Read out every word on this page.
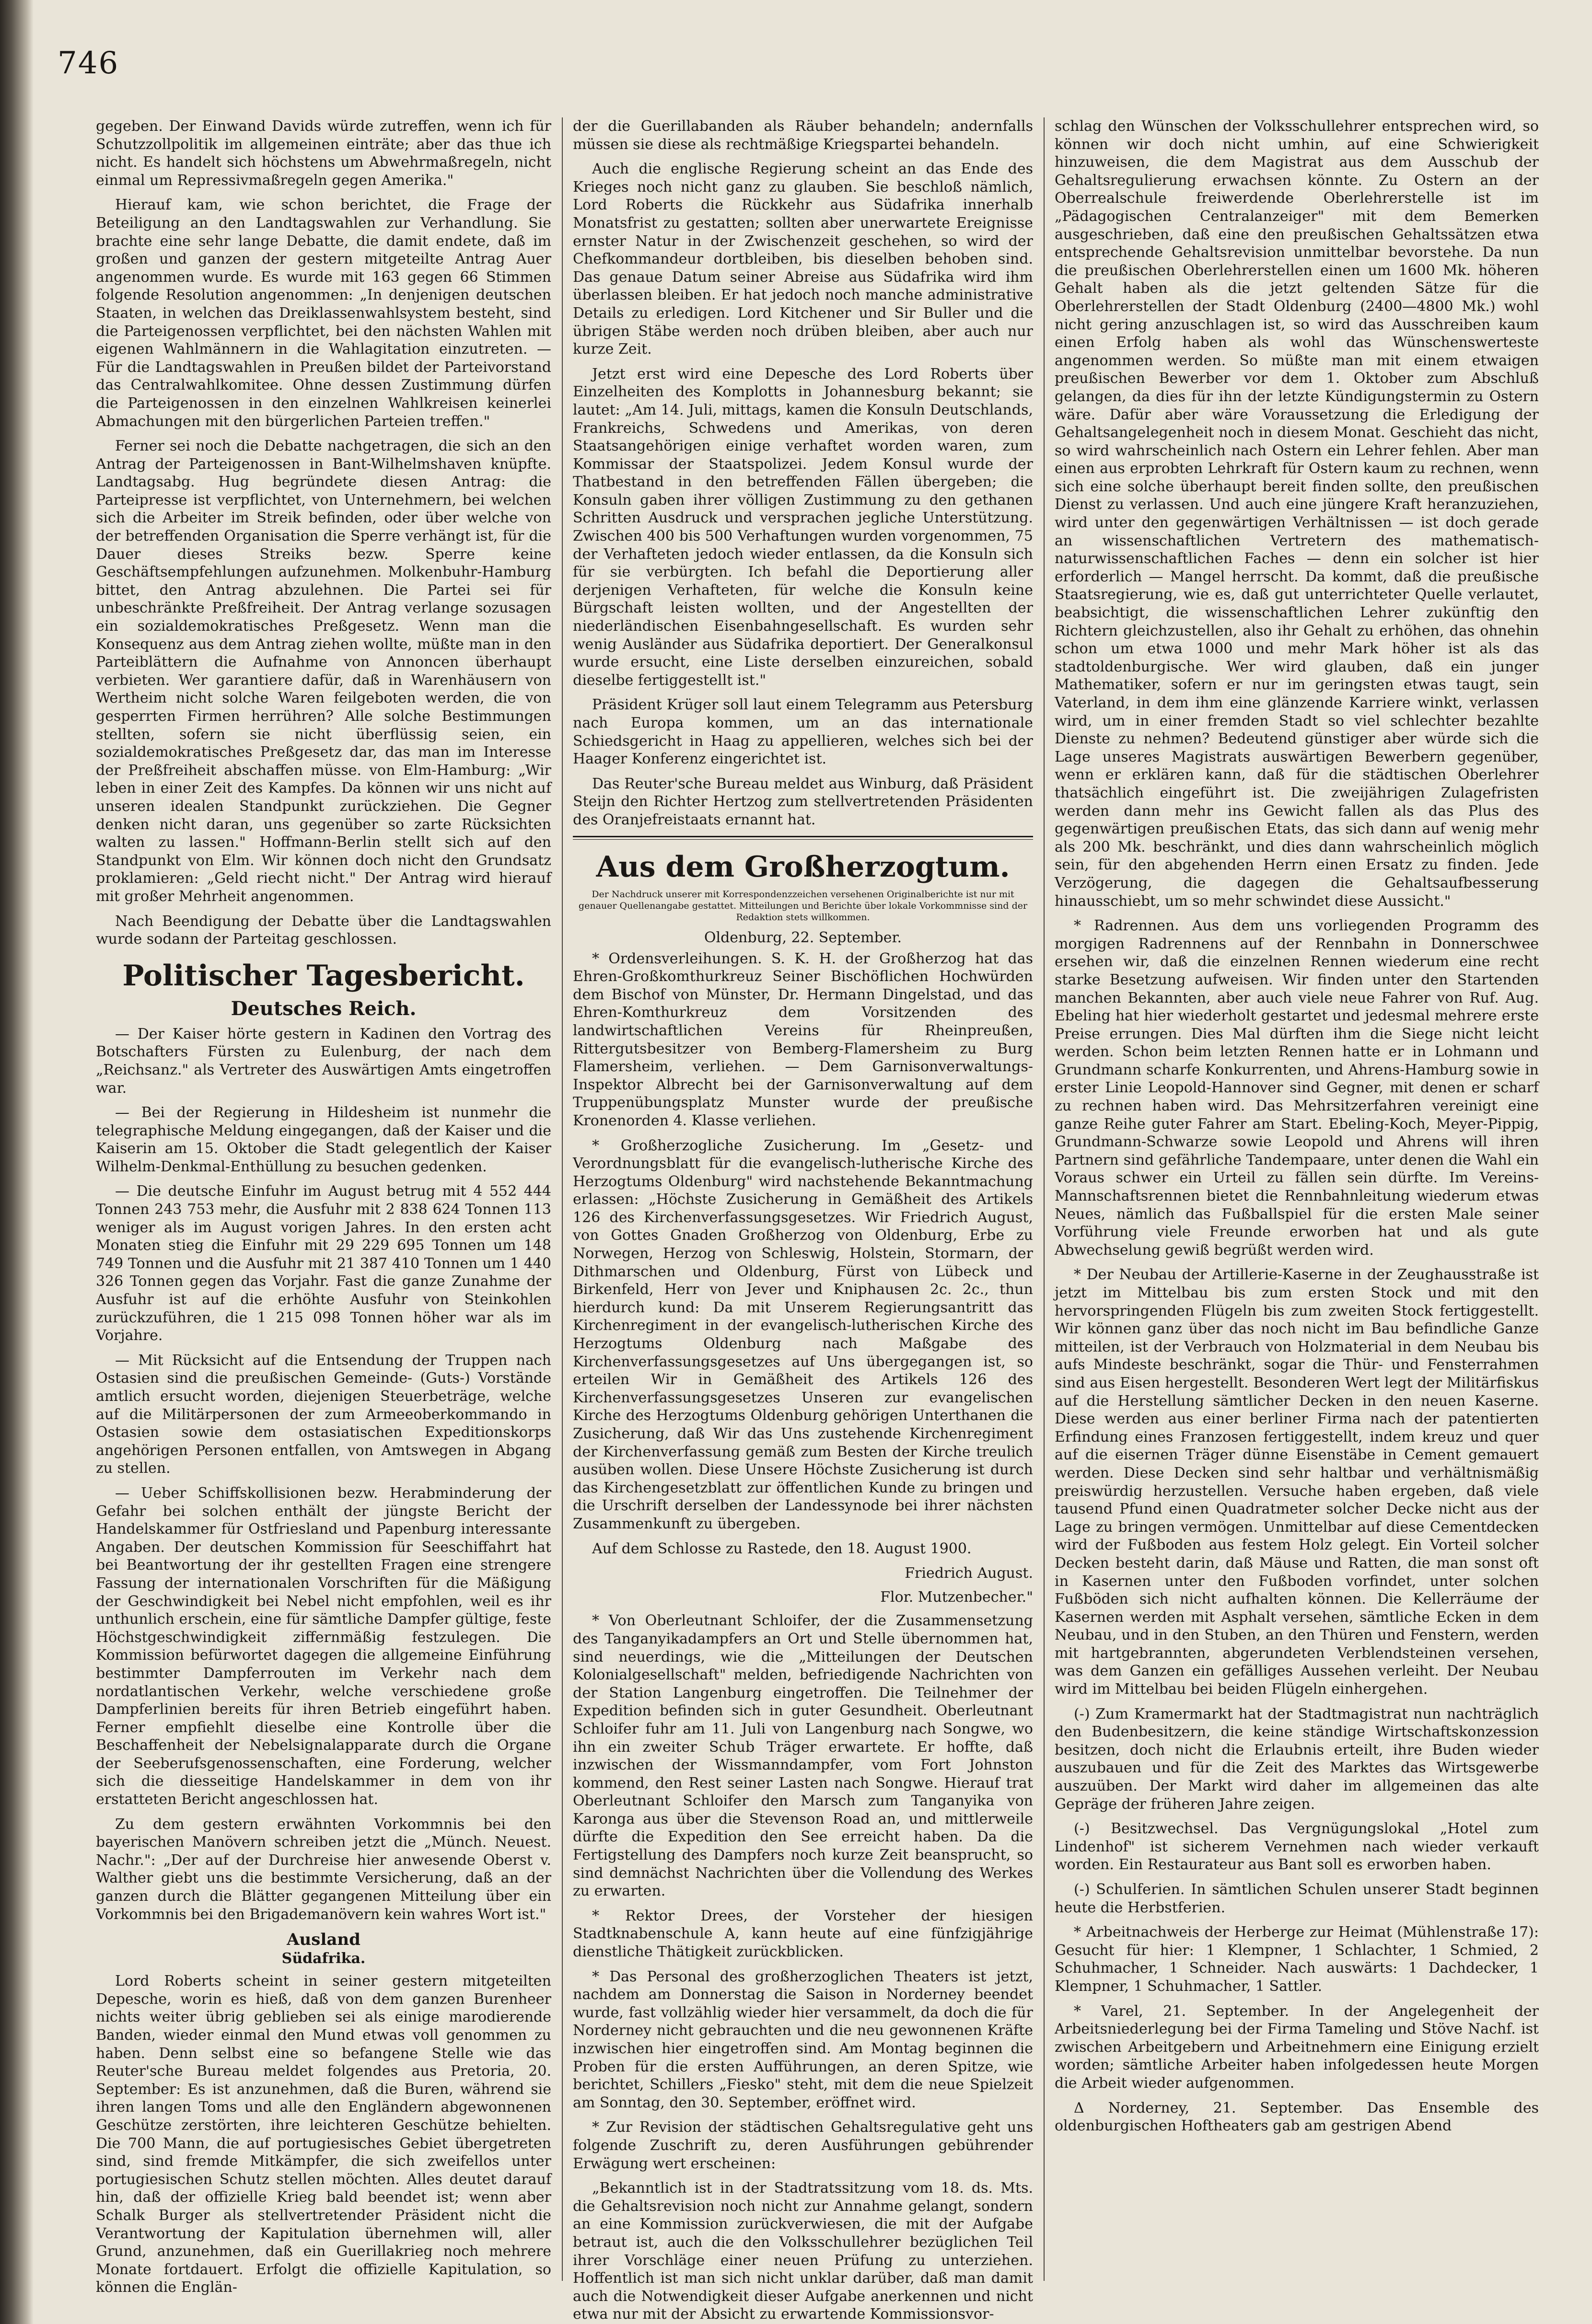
746

gegeben. Der Einwand Davids würde zutreffen, wenn ich für Schutzzollpolitik im allgemeinen einträte; aber das thue ich nicht. Es handelt sich höchstens um Abwehrmaßregeln, nicht einmal um Repressivmaßregeln gegen Amerika."

Hierauf kam, wie schon berichtet, die Frage der Beteiligung an den Landtagswahlen zur Verhandlung. Sie brachte eine sehr lange Debatte, die damit endete, daß im großen und ganzen der gestern mitgeteilte Antrag Auer angenommen wurde. Es wurde mit 163 gegen 66 Stimmen folgende Resolution angenommen: „In denjenigen deutschen Staaten, in welchen das Dreiklassenwahlsystem besteht, sind die Parteigenossen verpflichtet, bei den nächsten Wahlen mit eigenen Wahlmännern in die Wahlagitation einzutreten. — Für die Landtagswahlen in Preußen bildet der Parteivorstand das Centralwahlkomitee. Ohne dessen Zustimmung dürfen die Parteigenossen in den einzelnen Wahlkreisen keinerlei Abmachungen mit den bürgerlichen Parteien treffen."

Ferner sei noch die Debatte nachgetragen, die sich an den Antrag der Parteigenossen in Bant-Wilhelmshaven knüpfte. Landtagsabg. Hug begründete diesen Antrag: die Parteipresse ist verpflichtet, von Unternehmern, bei welchen sich die Arbeiter im Streik befinden, oder über welche von der betreffenden Organisation die Sperre verhängt ist, für die Dauer dieses Streiks bezw. Sperre keine Geschäftsempfehlungen aufzunehmen. Molkenbuhr-Hamburg bittet, den Antrag abzulehnen. Die Partei sei für unbeschränkte Preßfreiheit. Der Antrag verlange sozusagen ein sozialdemokratisches Preßgesetz. Wenn man die Konsequenz aus dem Antrag ziehen wollte, müßte man in den Parteiblättern die Aufnahme von Annoncen überhaupt verbieten. Wer garantiere dafür, daß in Warenhäusern von Wertheim nicht solche Waren feilgeboten werden, die von gesperrten Firmen herrühren? Alle solche Bestimmungen stellten, sofern sie nicht überflüssig seien, ein sozialdemokratisches Preßgesetz dar, das man im Interesse der Preßfreiheit abschaffen müsse. von Elm-Hamburg: „Wir leben in einer Zeit des Kampfes. Da können wir uns nicht auf unseren idealen Standpunkt zurückziehen. Die Gegner denken nicht daran, uns gegenüber so zarte Rücksichten walten zu lassen." Hoffmann-Berlin stellt sich auf den Standpunkt von Elm. Wir können doch nicht den Grundsatz proklamieren: „Geld riecht nicht." Der Antrag wird hierauf mit großer Mehrheit angenommen.

Nach Beendigung der Debatte über die Landtagswahlen wurde sodann der Parteitag geschlossen.

Politischer Tagesbericht.
Deutsches Reich.

— Der Kaiser hörte gestern in Kadinen den Vortrag des Botschafters Fürsten zu Eulenburg, der nach dem „Reichsanz." als Vertreter des Auswärtigen Amts eingetroffen war.

— Bei der Regierung in Hildesheim ist nunmehr die telegraphische Meldung eingegangen, daß der Kaiser und die Kaiserin am 15. Oktober die Stadt gelegentlich der Kaiser Wilhelm-Denkmal-Enthüllung zu besuchen gedenken.

— Die deutsche Einfuhr im August betrug mit 4 552 444 Tonnen 243 753 mehr, die Ausfuhr mit 2 838 624 Tonnen 113 weniger als im August vorigen Jahres. In den ersten acht Monaten stieg die Einfuhr mit 29 229 695 Tonnen um 148 749 Tonnen und die Ausfuhr mit 21 387 410 Tonnen um 1 440 326 Tonnen gegen das Vorjahr. Fast die ganze Zunahme der Ausfuhr ist auf die erhöhte Ausfuhr von Steinkohlen zurückzuführen, die 1 215 098 Tonnen höher war als im Vorjahre.

— Mit Rücksicht auf die Entsendung der Truppen nach Ostasien sind die preußischen Gemeinde- (Guts-) Vorstände amtlich ersucht worden, diejenigen Steuerbeträge, welche auf die Militärpersonen der zum Armeeoberkommando in Ostasien sowie dem ostasiatischen Expeditionskorps angehörigen Personen entfallen, von Amtswegen in Abgang zu stellen.

— Ueber Schiffskollisionen bezw. Herabminderung der Gefahr bei solchen enthält der jüngste Bericht der Handelskammer für Ostfriesland und Papenburg interessante Angaben. Der deutschen Kommission für Seeschiffahrt hat bei Beantwortung der ihr gestellten Fragen eine strengere Fassung der internationalen Vorschriften für die Mäßigung der Geschwindigkeit bei Nebel nicht empfohlen, weil es ihr unthunlich erschein, eine für sämtliche Dampfer gültige, feste Höchstgeschwindigkeit ziffernmäßig festzulegen. Die Kommission befürwortet dagegen die allgemeine Einführung bestimmter Dampferrouten im Verkehr nach dem nordatlantischen Verkehr, welche verschiedene große Dampferlinien bereits für ihren Betrieb eingeführt haben. Ferner empfiehlt dieselbe eine Kontrolle über die Beschaffenheit der Nebelsignalapparate durch die Organe der Seeberufsgenossenschaften, eine Forderung, welcher sich die diesseitige Handelskammer in dem von ihr erstatteten Bericht angeschlossen hat.

Zu dem gestern erwähnten Vorkommnis bei den bayerischen Manövern schreiben jetzt die „Münch. Neuest. Nachr.": „Der auf der Durchreise hier anwesende Oberst v. Walther giebt uns die bestimmte Versicherung, daß an der ganzen durch die Blätter gegangenen Mitteilung über ein Vorkommnis bei den Brigademanövern kein wahres Wort ist."

Ausland
Südafrika.

Lord Roberts scheint in seiner gestern mitgeteilten Depesche, worin es hieß, daß von dem ganzen Burenheer nichts weiter übrig geblieben sei als einige marodierende Banden, wieder einmal den Mund etwas voll genommen zu haben. Denn selbst eine so befangene Stelle wie das Reuter'sche Bureau meldet folgendes aus Pretoria, 20. September: Es ist anzunehmen, daß die Buren, während sie ihren langen Toms und alle den Engländern abgewonnenen Geschütze zerstörten, ihre leichteren Geschütze behielten. Die 700 Mann, die auf portugiesisches Gebiet übergetreten sind, sind fremde Mitkämpfer, die sich zweifellos unter portugiesischen Schutz stellen möchten. Alles deutet darauf hin, daß der offizielle Krieg bald beendet ist; wenn aber Schalk Burger als stellvertretender Präsident nicht die Verantwortung der Kapitulation übernehmen will, aller Grund, anzunehmen, daß ein Guerillakrieg noch mehrere Monate fortdauert. Erfolgt die offizielle Kapitulation, so können die Englän-

der die Guerillabanden als Räuber behandeln; andernfalls müssen sie diese als rechtmäßige Kriegspartei behandeln.

Auch die englische Regierung scheint an das Ende des Krieges noch nicht ganz zu glauben. Sie beschloß nämlich, Lord Roberts die Rückkehr aus Südafrika innerhalb Monatsfrist zu gestatten; sollten aber unerwartete Ereignisse ernster Natur in der Zwischenzeit geschehen, so wird der Chefkommandeur dortbleiben, bis dieselben behoben sind. Das genaue Datum seiner Abreise aus Südafrika wird ihm überlassen bleiben. Er hat jedoch noch manche administrative Details zu erledigen. Lord Kitchener und Sir Buller und die übrigen Stäbe werden noch drüben bleiben, aber auch nur kurze Zeit.

Jetzt erst wird eine Depesche des Lord Roberts über Einzelheiten des Komplotts in Johannesburg bekannt; sie lautet: „Am 14. Juli, mittags, kamen die Konsuln Deutschlands, Frankreichs, Schwedens und Amerikas, von deren Staatsangehörigen einige verhaftet worden waren, zum Kommissar der Staatspolizei. Jedem Konsul wurde der Thatbestand in den betreffenden Fällen übergeben; die Konsuln gaben ihrer völligen Zustimmung zu den gethanen Schritten Ausdruck und versprachen jegliche Unterstützung. Zwischen 400 bis 500 Verhaftungen wurden vorgenommen, 75 der Verhafteten jedoch wieder entlassen, da die Konsuln sich für sie verbürgten. Ich befahl die Deportierung aller derjenigen Verhafteten, für welche die Konsuln keine Bürgschaft leisten wollten, und der Angestellten der niederländischen Eisenbahngesellschaft. Es wurden sehr wenig Ausländer aus Südafrika deportiert. Der Generalkonsul wurde ersucht, eine Liste derselben einzureichen, sobald dieselbe fertiggestellt ist."

Präsident Krüger soll laut einem Telegramm aus Petersburg nach Europa kommen, um an das internationale Schiedsgericht in Haag zu appellieren, welches sich bei der Haager Konferenz eingerichtet ist.

Das Reuter'sche Bureau meldet aus Winburg, daß Präsident Steijn den Richter Hertzog zum stellvertretenden Präsidenten des Oranjefreistaats ernannt hat.

Aus dem Großherzogtum.
Der Nachdruck unserer mit Korrespondenzzeichen versehenen Originalberichte ist nur mit genauer Quellenangabe gestattet. Mitteilungen und Berichte über lokale Vorkommnisse sind der Redaktion stets willkommen.
Oldenburg, 22. September.

* Ordensverleihungen. S. K. H. der Großherzog hat das Ehren-Großkomthurkreuz Seiner Bischöflichen Hochwürden dem Bischof von Münster, Dr. Hermann Dingelstad, und das Ehren-Komthurkreuz dem Vorsitzenden des landwirtschaftlichen Vereins für Rheinpreußen, Rittergutsbesitzer von Bemberg-Flamersheim zu Burg Flamersheim, verliehen. — Dem Garnisonverwaltungs-Inspektor Albrecht bei der Garnisonverwaltung auf dem Truppenübungsplatz Munster wurde der preußische Kronenorden 4. Klasse verliehen.

* Großherzogliche Zusicherung. Im „Gesetz- und Verordnungsblatt für die evangelisch-lutherische Kirche des Herzogtums Oldenburg" wird nachstehende Bekanntmachung erlassen: „Höchste Zusicherung in Gemäßheit des Artikels 126 des Kirchenverfassungsgesetzes. Wir Friedrich August, von Gottes Gnaden Großherzog von Oldenburg, Erbe zu Norwegen, Herzog von Schleswig, Holstein, Stormarn, der Dithmarschen und Oldenburg, Fürst von Lübeck und Birkenfeld, Herr von Jever und Kniphausen 2c. 2c., thun hierdurch kund: Da mit Unserem Regierungsantritt das Kirchenregiment in der evangelisch-lutherischen Kirche des Herzogtums Oldenburg nach Maßgabe des Kirchenverfassungsgesetzes auf Uns übergegangen ist, so erteilen Wir in Gemäßheit des Artikels 126 des Kirchenverfassungsgesetzes Unseren zur evangelischen Kirche des Herzogtums Oldenburg gehörigen Unterthanen die Zusicherung, daß Wir das Uns zustehende Kirchenregiment der Kirchenverfassung gemäß zum Besten der Kirche treulich ausüben wollen. Diese Unsere Höchste Zusicherung ist durch das Kirchengesetzblatt zur öffentlichen Kunde zu bringen und die Urschrift derselben der Landessynode bei ihrer nächsten Zusammenkunft zu übergeben.

Auf dem Schlosse zu Rastede, den 18. August 1900.

Friedrich August.
Flor. Mutzenbecher."

* Von Oberleutnant Schloifer, der die Zusammensetzung des Tanganyikadampfers an Ort und Stelle übernommen hat, sind neuerdings, wie die „Mitteilungen der Deutschen Kolonialgesellschaft" melden, befriedigende Nachrichten von der Station Langenburg eingetroffen. Die Teilnehmer der Expedition befinden sich in guter Gesundheit. Oberleutnant Schloifer fuhr am 11. Juli von Langenburg nach Songwe, wo ihn ein zweiter Schub Träger erwartete. Er hoffte, daß inzwischen der Wissmanndampfer, vom Fort Johnston kommend, den Rest seiner Lasten nach Songwe. Hierauf trat Oberleutnant Schloifer den Marsch zum Tanganyika von Karonga aus über die Stevenson Road an, und mittlerweile dürfte die Expedition den See erreicht haben. Da die Fertigstellung des Dampfers noch kurze Zeit beansprucht, so sind demnächst Nachrichten über die Vollendung des Werkes zu erwarten.

* Rektor Drees, der Vorsteher der hiesigen Stadtknabenschule A, kann heute auf eine fünfzigjährige dienstliche Thätigkeit zurückblicken.

* Das Personal des großherzoglichen Theaters ist jetzt, nachdem am Donnerstag die Saison in Norderney beendet wurde, fast vollzählig wieder hier versammelt, da doch die für Norderney nicht gebrauchten und die neu gewonnenen Kräfte inzwischen hier eingetroffen sind. Am Montag beginnen die Proben für die ersten Aufführungen, an deren Spitze, wie berichtet, Schillers „Fiesko" steht, mit dem die neue Spielzeit am Sonntag, den 30. September, eröffnet wird.

* Zur Revision der städtischen Gehaltsregulative geht uns folgende Zuschrift zu, deren Ausführungen gebührender Erwägung wert erscheinen:

„Bekanntlich ist in der Stadtratssitzung vom 18. ds. Mts. die Gehaltsrevision noch nicht zur Annahme gelangt, sondern an eine Kommission zurückverwiesen, die mit der Aufgabe betraut ist, auch die den Volksschullehrer bezüglichen Teil ihrer Vorschläge einer neuen Prüfung zu unterziehen. Hoffentlich ist man sich nicht unklar darüber, daß man damit auch die Notwendigkeit dieser Aufgabe anerkennen und nicht etwa nur mit der Absicht zu erwartende Kommissionsvor-

schlag den Wünschen der Volksschullehrer entsprechen wird, so können wir doch nicht umhin, auf eine Schwierigkeit hinzuweisen, die dem Magistrat aus dem Ausschub der Gehaltsregulierung erwachsen könnte. Zu Ostern an der Oberrealschule freiwerdende Oberlehrerstelle ist im „Pädagogischen Centralanzeiger" mit dem Bemerken ausgeschrieben, daß eine den preußischen Gehaltssätzen etwa entsprechende Gehaltsrevision unmittelbar bevorstehe. Da nun die preußischen Oberlehrerstellen einen um 1600 Mk. höheren Gehalt haben als die jetzt geltenden Sätze für die Oberlehrerstellen der Stadt Oldenburg (2400—4800 Mk.) wohl nicht gering anzuschlagen ist, so wird das Ausschreiben kaum einen Erfolg haben als wohl das Wünschenswerteste angenommen werden. So müßte man mit einem etwaigen preußischen Bewerber vor dem 1. Oktober zum Abschluß gelangen, da dies für ihn der letzte Kündigungstermin zu Ostern wäre. Dafür aber wäre Voraussetzung die Erledigung der Gehaltsangelegenheit noch in diesem Monat. Geschieht das nicht, so wird wahrscheinlich nach Ostern ein Lehrer fehlen. Aber man einen aus erprobten Lehrkraft für Ostern kaum zu rechnen, wenn sich eine solche überhaupt bereit finden sollte, den preußischen Dienst zu verlassen. Und auch eine jüngere Kraft heranzuziehen, wird unter den gegenwärtigen Verhältnissen — ist doch gerade an wissenschaftlichen Vertretern des mathematisch-naturwissenschaftlichen Faches — denn ein solcher ist hier erforderlich — Mangel herrscht. Da kommt, daß die preußische Staatsregierung, wie es, daß gut unterrichteter Quelle verlautet, beabsichtigt, die wissenschaftlichen Lehrer zukünftig den Richtern gleichzustellen, also ihr Gehalt zu erhöhen, das ohnehin schon um etwa 1000 und mehr Mark höher ist als das stadtoldenburgische. Wer wird glauben, daß ein junger Mathematiker, sofern er nur im geringsten etwas taugt, sein Vaterland, in dem ihm eine glänzende Karriere winkt, verlassen wird, um in einer fremden Stadt so viel schlechter bezahlte Dienste zu nehmen? Bedeutend günstiger aber würde sich die Lage unseres Magistrats auswärtigen Bewerbern gegenüber, wenn er erklären kann, daß für die städtischen Oberlehrer thatsächlich eingeführt ist. Die zweijährigen Zulagefristen werden dann mehr ins Gewicht fallen als das Plus des gegenwärtigen preußischen Etats, das sich dann auf wenig mehr als 200 Mk. beschränkt, und dies dann wahrscheinlich möglich sein, für den abgehenden Herrn einen Ersatz zu finden. Jede Verzögerung, die dagegen die Gehaltsaufbesserung hinausschiebt, um so mehr schwindet diese Aussicht."

* Radrennen. Aus dem uns vorliegenden Programm des morgigen Radrennens auf der Rennbahn in Donnerschwee ersehen wir, daß die einzelnen Rennen wiederum eine recht starke Besetzung aufweisen. Wir finden unter den Startenden manchen Bekannten, aber auch viele neue Fahrer von Ruf. Aug. Ebeling hat hier wiederholt gestartet und jedesmal mehrere erste Preise errungen. Dies Mal dürften ihm die Siege nicht leicht werden. Schon beim letzten Rennen hatte er in Lohmann und Grundmann scharfe Konkurrenten, und Ahrens-Hamburg sowie in erster Linie Leopold-Hannover sind Gegner, mit denen er scharf zu rechnen haben wird. Das Mehrsitzerfahren vereinigt eine ganze Reihe guter Fahrer am Start. Ebeling-Koch, Meyer-Pippig, Grundmann-Schwarze sowie Leopold und Ahrens will ihren Partnern sind gefährliche Tandempaare, unter denen die Wahl ein Voraus schwer ein Urteil zu fällen sein dürfte. Im Vereins-Mannschaftsrennen bietet die Rennbahnleitung wiederum etwas Neues, nämlich das Fußballspiel für die ersten Male seiner Vorführung viele Freunde erworben hat und als gute Abwechselung gewiß begrüßt werden wird.

* Der Neubau der Artillerie-Kaserne in der Zeughausstraße ist jetzt im Mittelbau bis zum ersten Stock und mit den hervorspringenden Flügeln bis zum zweiten Stock fertiggestellt. Wir können ganz über das noch nicht im Bau befindliche Ganze mitteilen, ist der Verbrauch von Holzmaterial in dem Neubau bis aufs Mindeste beschränkt, sogar die Thür- und Fensterrahmen sind aus Eisen hergestellt. Besonderen Wert legt der Militärfiskus auf die Herstellung sämtlicher Decken in den neuen Kaserne. Diese werden aus einer berliner Firma nach der patentierten Erfindung eines Franzosen fertiggestellt, indem kreuz und quer auf die eisernen Träger dünne Eisenstäbe in Cement gemauert werden. Diese Decken sind sehr haltbar und verhältnismäßig preiswürdig herzustellen. Versuche haben ergeben, daß viele tausend Pfund einen Quadratmeter solcher Decke nicht aus der Lage zu bringen vermögen. Unmittelbar auf diese Cementdecken wird der Fußboden aus festem Holz gelegt. Ein Vorteil solcher Decken besteht darin, daß Mäuse und Ratten, die man sonst oft in Kasernen unter den Fußboden vorfindet, unter solchen Fußböden sich nicht aufhalten können. Die Kellerräume der Kasernen werden mit Asphalt versehen, sämtliche Ecken in dem Neubau, und in den Stuben, an den Thüren und Fenstern, werden mit hartgebrannten, abgerundeten Verblendsteinen versehen, was dem Ganzen ein gefälliges Aussehen verleiht. Der Neubau wird im Mittelbau bei beiden Flügeln einhergehen.

(-) Zum Kramermarkt hat der Stadtmagistrat nun nachträglich den Budenbesitzern, die keine ständige Wirtschaftskonzession besitzen, doch nicht die Erlaubnis erteilt, ihre Buden wieder auszubauen und für die Zeit des Marktes das Wirtsgewerbe auszuüben. Der Markt wird daher im allgemeinen das alte Gepräge der früheren Jahre zeigen.

(-) Besitzwechsel. Das Vergnügungslokal „Hotel zum Lindenhof" ist sicherem Vernehmen nach wieder verkauft worden. Ein Restaurateur aus Bant soll es erworben haben.

(-) Schulferien. In sämtlichen Schulen unserer Stadt beginnen heute die Herbstferien.

* Arbeitnachweis der Herberge zur Heimat (Mühlenstraße 17): Gesucht für hier: 1 Klempner, 1 Schlachter, 1 Schmied, 2 Schuhmacher, 1 Schneider. Nach auswärts: 1 Dachdecker, 1 Klempner, 1 Schuhmacher, 1 Sattler.

* Varel, 21. September. In der Angelegenheit der Arbeitsniederlegung bei der Firma Tameling und Stöve Nachf. ist zwischen Arbeitgebern und Arbeitnehmern eine Einigung erzielt worden; sämtliche Arbeiter haben infolgedessen heute Morgen die Arbeit wieder aufgenommen.

Δ Norderney, 21. September. Das Ensemble des oldenburgischen Hoftheaters gab am gestrigen Abend
